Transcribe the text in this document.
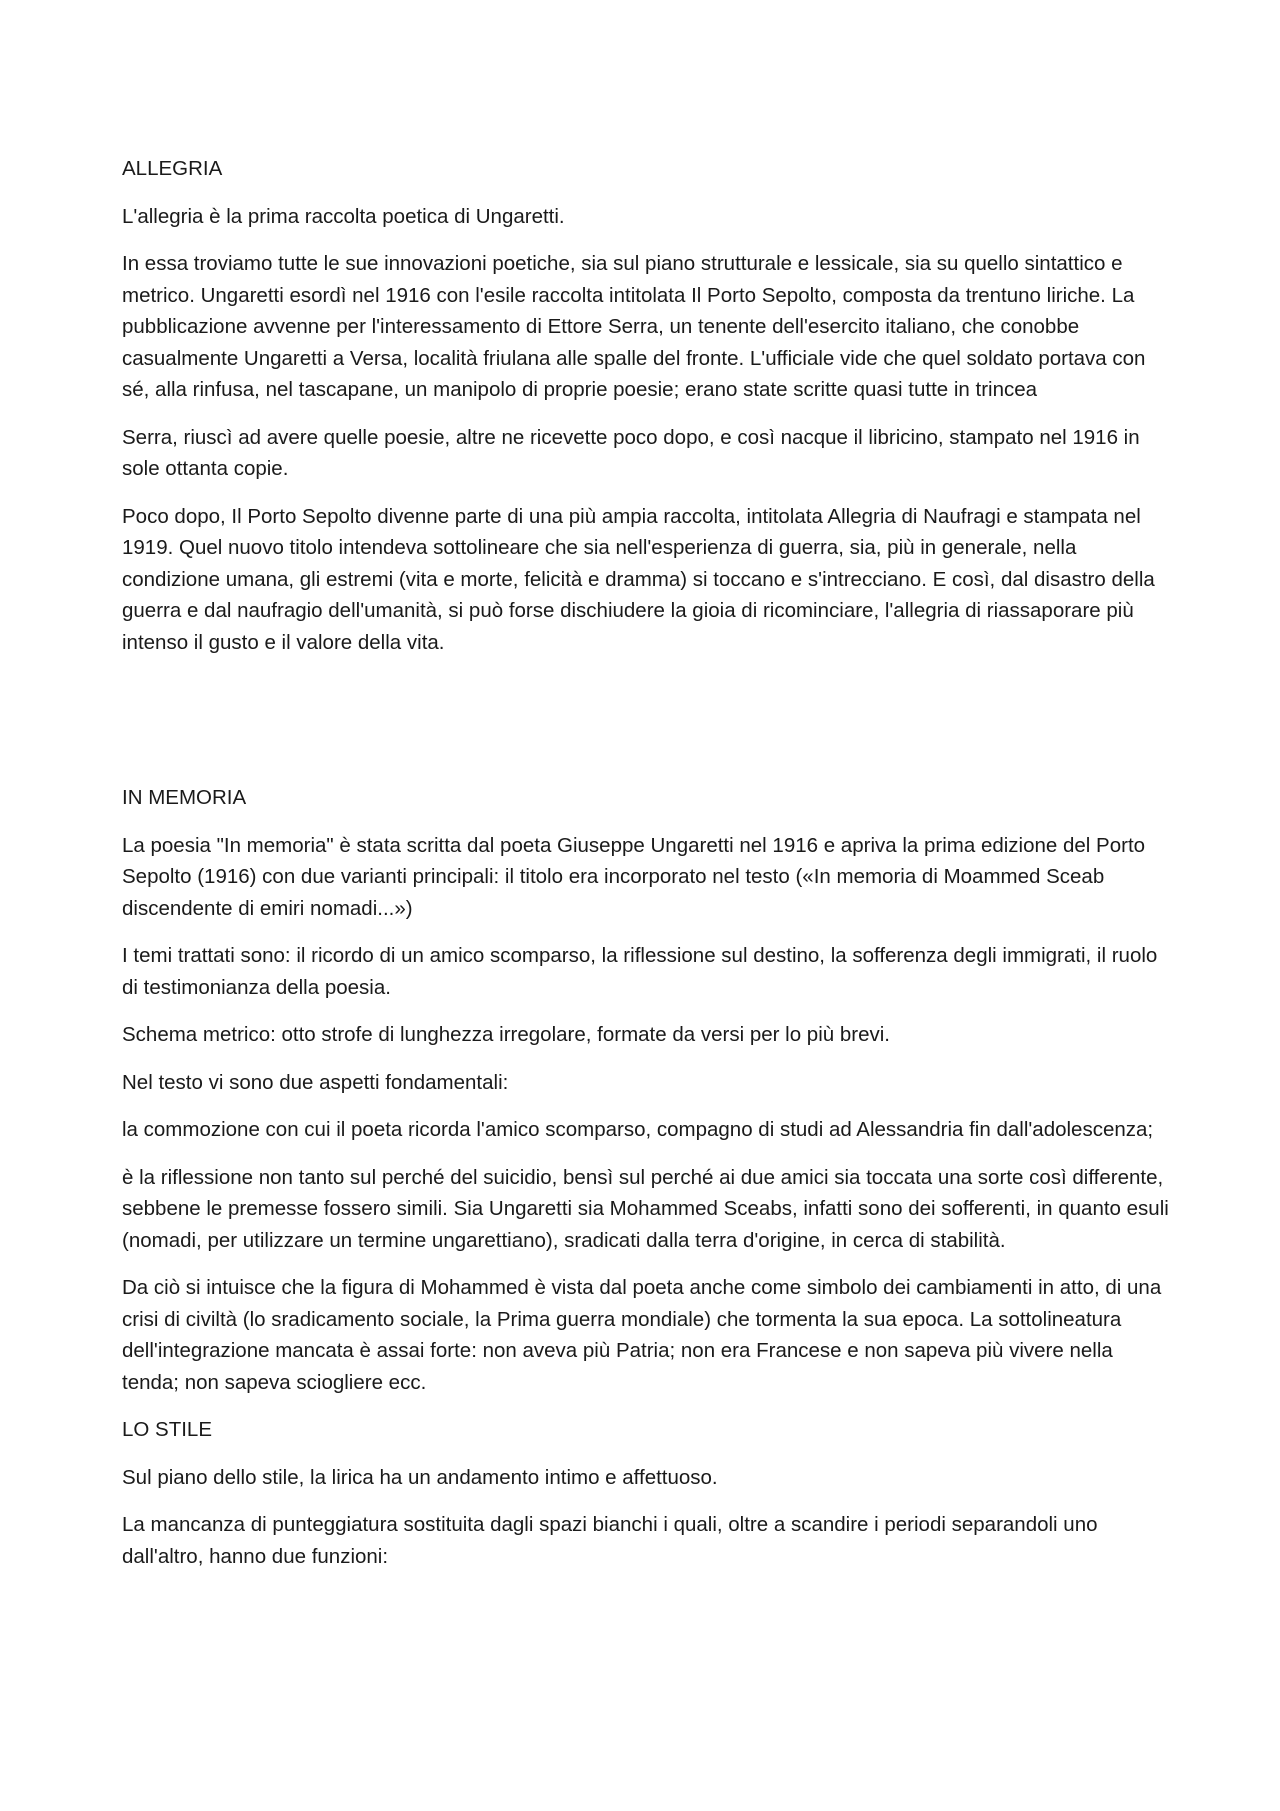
ALLEGRIA

L'allegria è la prima raccolta poetica di Ungaretti.

In essa troviamo tutte le sue innovazioni poetiche, sia sul piano strutturale e lessicale, sia su quello sintattico e metrico. Ungaretti esordì nel 1916 con l'esile raccolta intitolata Il Porto Sepolto, composta da trentuno liriche. La pubblicazione avvenne per l'interessamento di Ettore Serra, un tenente dell'esercito italiano, che conobbe casualmente Ungaretti a Versa, località friulana alle spalle del fronte. L'ufficiale vide che quel soldato portava con sé, alla rinfusa, nel tascapane, un manipolo di proprie poesie; erano state scritte quasi tutte in trincea

Serra, riuscì ad avere quelle poesie, altre ne ricevette poco dopo, e così nacque il libricino, stampato nel 1916 in sole ottanta copie.

Poco dopo, Il Porto Sepolto divenne parte di una più ampia raccolta, intitolata Allegria di Naufragi e stampata nel 1919. Quel nuovo titolo intendeva sottolineare che sia nell'esperienza di guerra, sia, più in generale, nella condizione umana, gli estremi (vita e morte, felicità e dramma) si toccano e s'intrecciano. E così, dal disastro della guerra e dal naufragio dell'umanità, si può forse dischiudere la gioia di ricominciare, l'allegria di riassaporare più intenso il gusto e il valore della vita.

IN MEMORIA

La poesia "In memoria" è stata scritta dal poeta Giuseppe Ungaretti nel 1916 e apriva la prima edizione del Porto Sepolto (1916) con due varianti principali: il titolo era incorporato nel testo («In memoria di Moammed Sceab discendente di emiri nomadi...»)

I temi trattati sono: il ricordo di un amico scomparso, la riflessione sul destino, la sofferenza degli immigrati, il ruolo di testimonianza della poesia.

Schema metrico: otto strofe di lunghezza irregolare, formate da versi per lo più brevi.

Nel testo vi sono due aspetti fondamentali:

la commozione con cui il poeta ricorda l'amico scomparso, compagno di studi ad Alessandria fin dall'adolescenza;

è la riflessione non tanto sul perché del suicidio, bensì sul perché ai due amici sia toccata una sorte così differente, sebbene le premesse fossero simili. Sia Ungaretti sia Mohammed Sceabs, infatti sono dei sofferenti, in quanto esuli (nomadi, per utilizzare un termine ungarettiano), sradicati dalla terra d'origine, in cerca di stabilità.

Da ciò si intuisce che la figura di Mohammed è vista dal poeta anche come simbolo dei cambiamenti in atto, di una crisi di civiltà (lo sradicamento sociale, la Prima guerra mondiale) che tormenta la sua epoca. La sottolineatura dell'integrazione mancata è assai forte: non aveva più Patria; non era Francese e non sapeva più vivere nella tenda; non sapeva sciogliere ecc.

LO STILE

Sul piano dello stile, la lirica ha un andamento intimo e affettuoso.

La mancanza di punteggiatura sostituita dagli spazi bianchi i quali, oltre a scandire i periodi separandoli uno dall'altro, hanno due funzioni:
